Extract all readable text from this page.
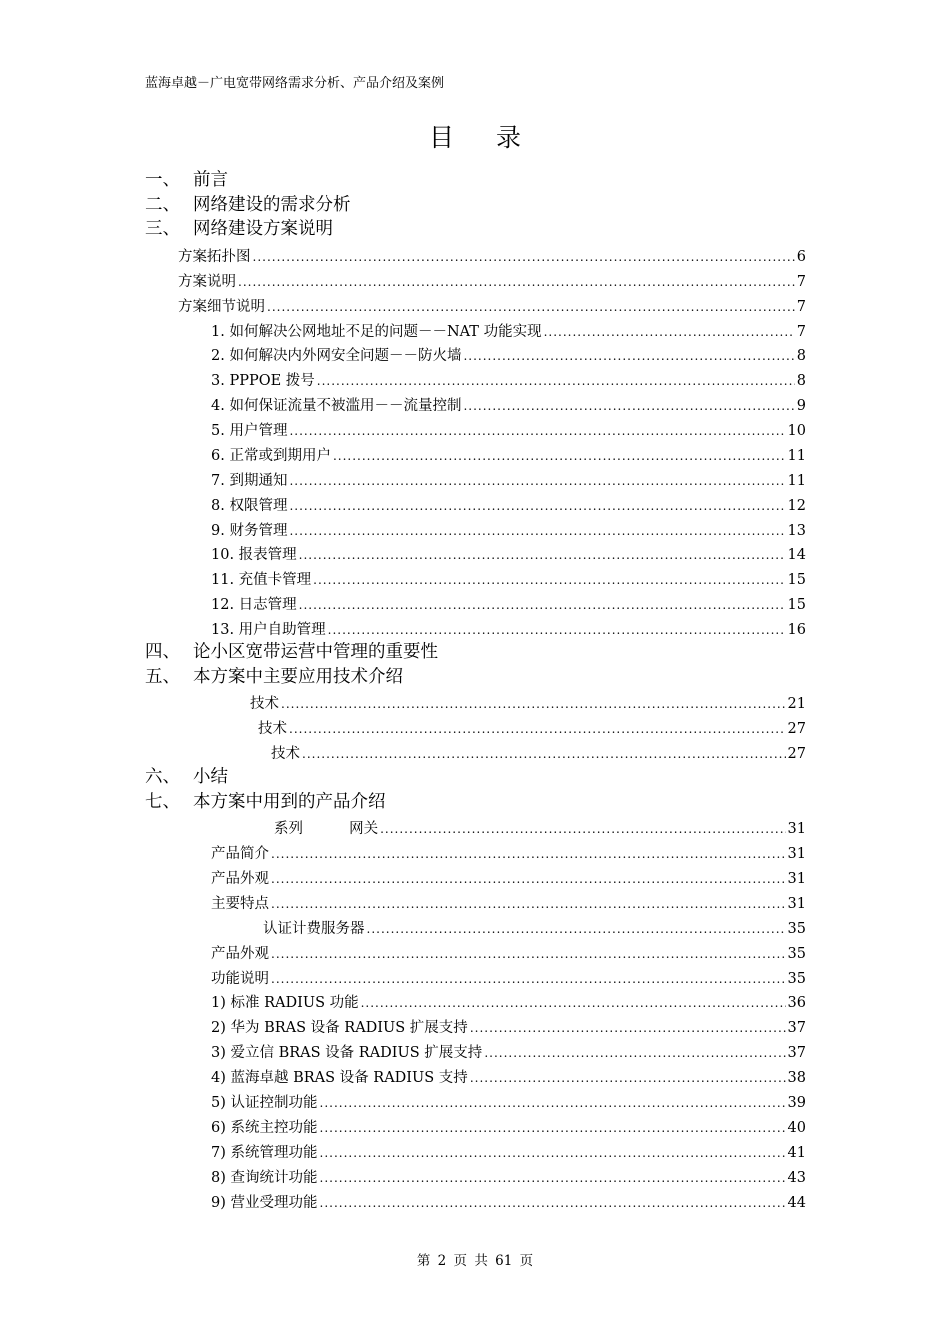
蓝海卓越－广电宽带网络需求分析、产品介绍及案例
目录
一、 前言
二、 网络建设的需求分析
三、 网络建设方案说明
方案拓扑图 .....	6
方案说明 .....	7
方案细节说明 .....	7
1. 如何解决公网地址不足的问题－－NAT 功能实现 .....	7
2. 如何解决内外网安全问题－－防火墙 .....	8
3. PPPOE 拨号 .....	8
4. 如何保证流量不被滥用－－流量控制 .....	9
5. 用户管理 .....	10
6. 正常或到期用户 .....	11
7. 到期通知 .....	11
8. 权限管理 .....	12
9. 财务管理 .....	13
10. 报表管理 .....	14
11. 充值卡管理 .....	15
12. 日志管理 .....	15
13. 用户自助管理 .....	16
四、 论小区宽带运营中管理的重要性
五、 本方案中主要应用技术介绍
技术 .....	21
技术 .....	27
技术 .....	27
六、 小结
七、 本方案中用到的产品介绍
系列          网关 .....	31
产品简介 .....	31
产品外观 .....	31
主要特点 .....	31
认证计费服务器 .....	35
产品外观 .....	35
功能说明 .....	35
1) 标准 RADIUS 功能 .....	36
2) 华为 BRAS 设备 RADIUS 扩展支持 .....	37
3) 爱立信 BRAS 设备 RADIUS 扩展支持 .....	37
4) 蓝海卓越 BRAS 设备 RADIUS 支持 .....	38
5) 认证控制功能 .....	39
6) 系统主控功能 .....	40
7) 系统管理功能 .....	41
8) 查询统计功能 .....	43
9) 营业受理功能 .....	44
第 2 页 共 61 页
